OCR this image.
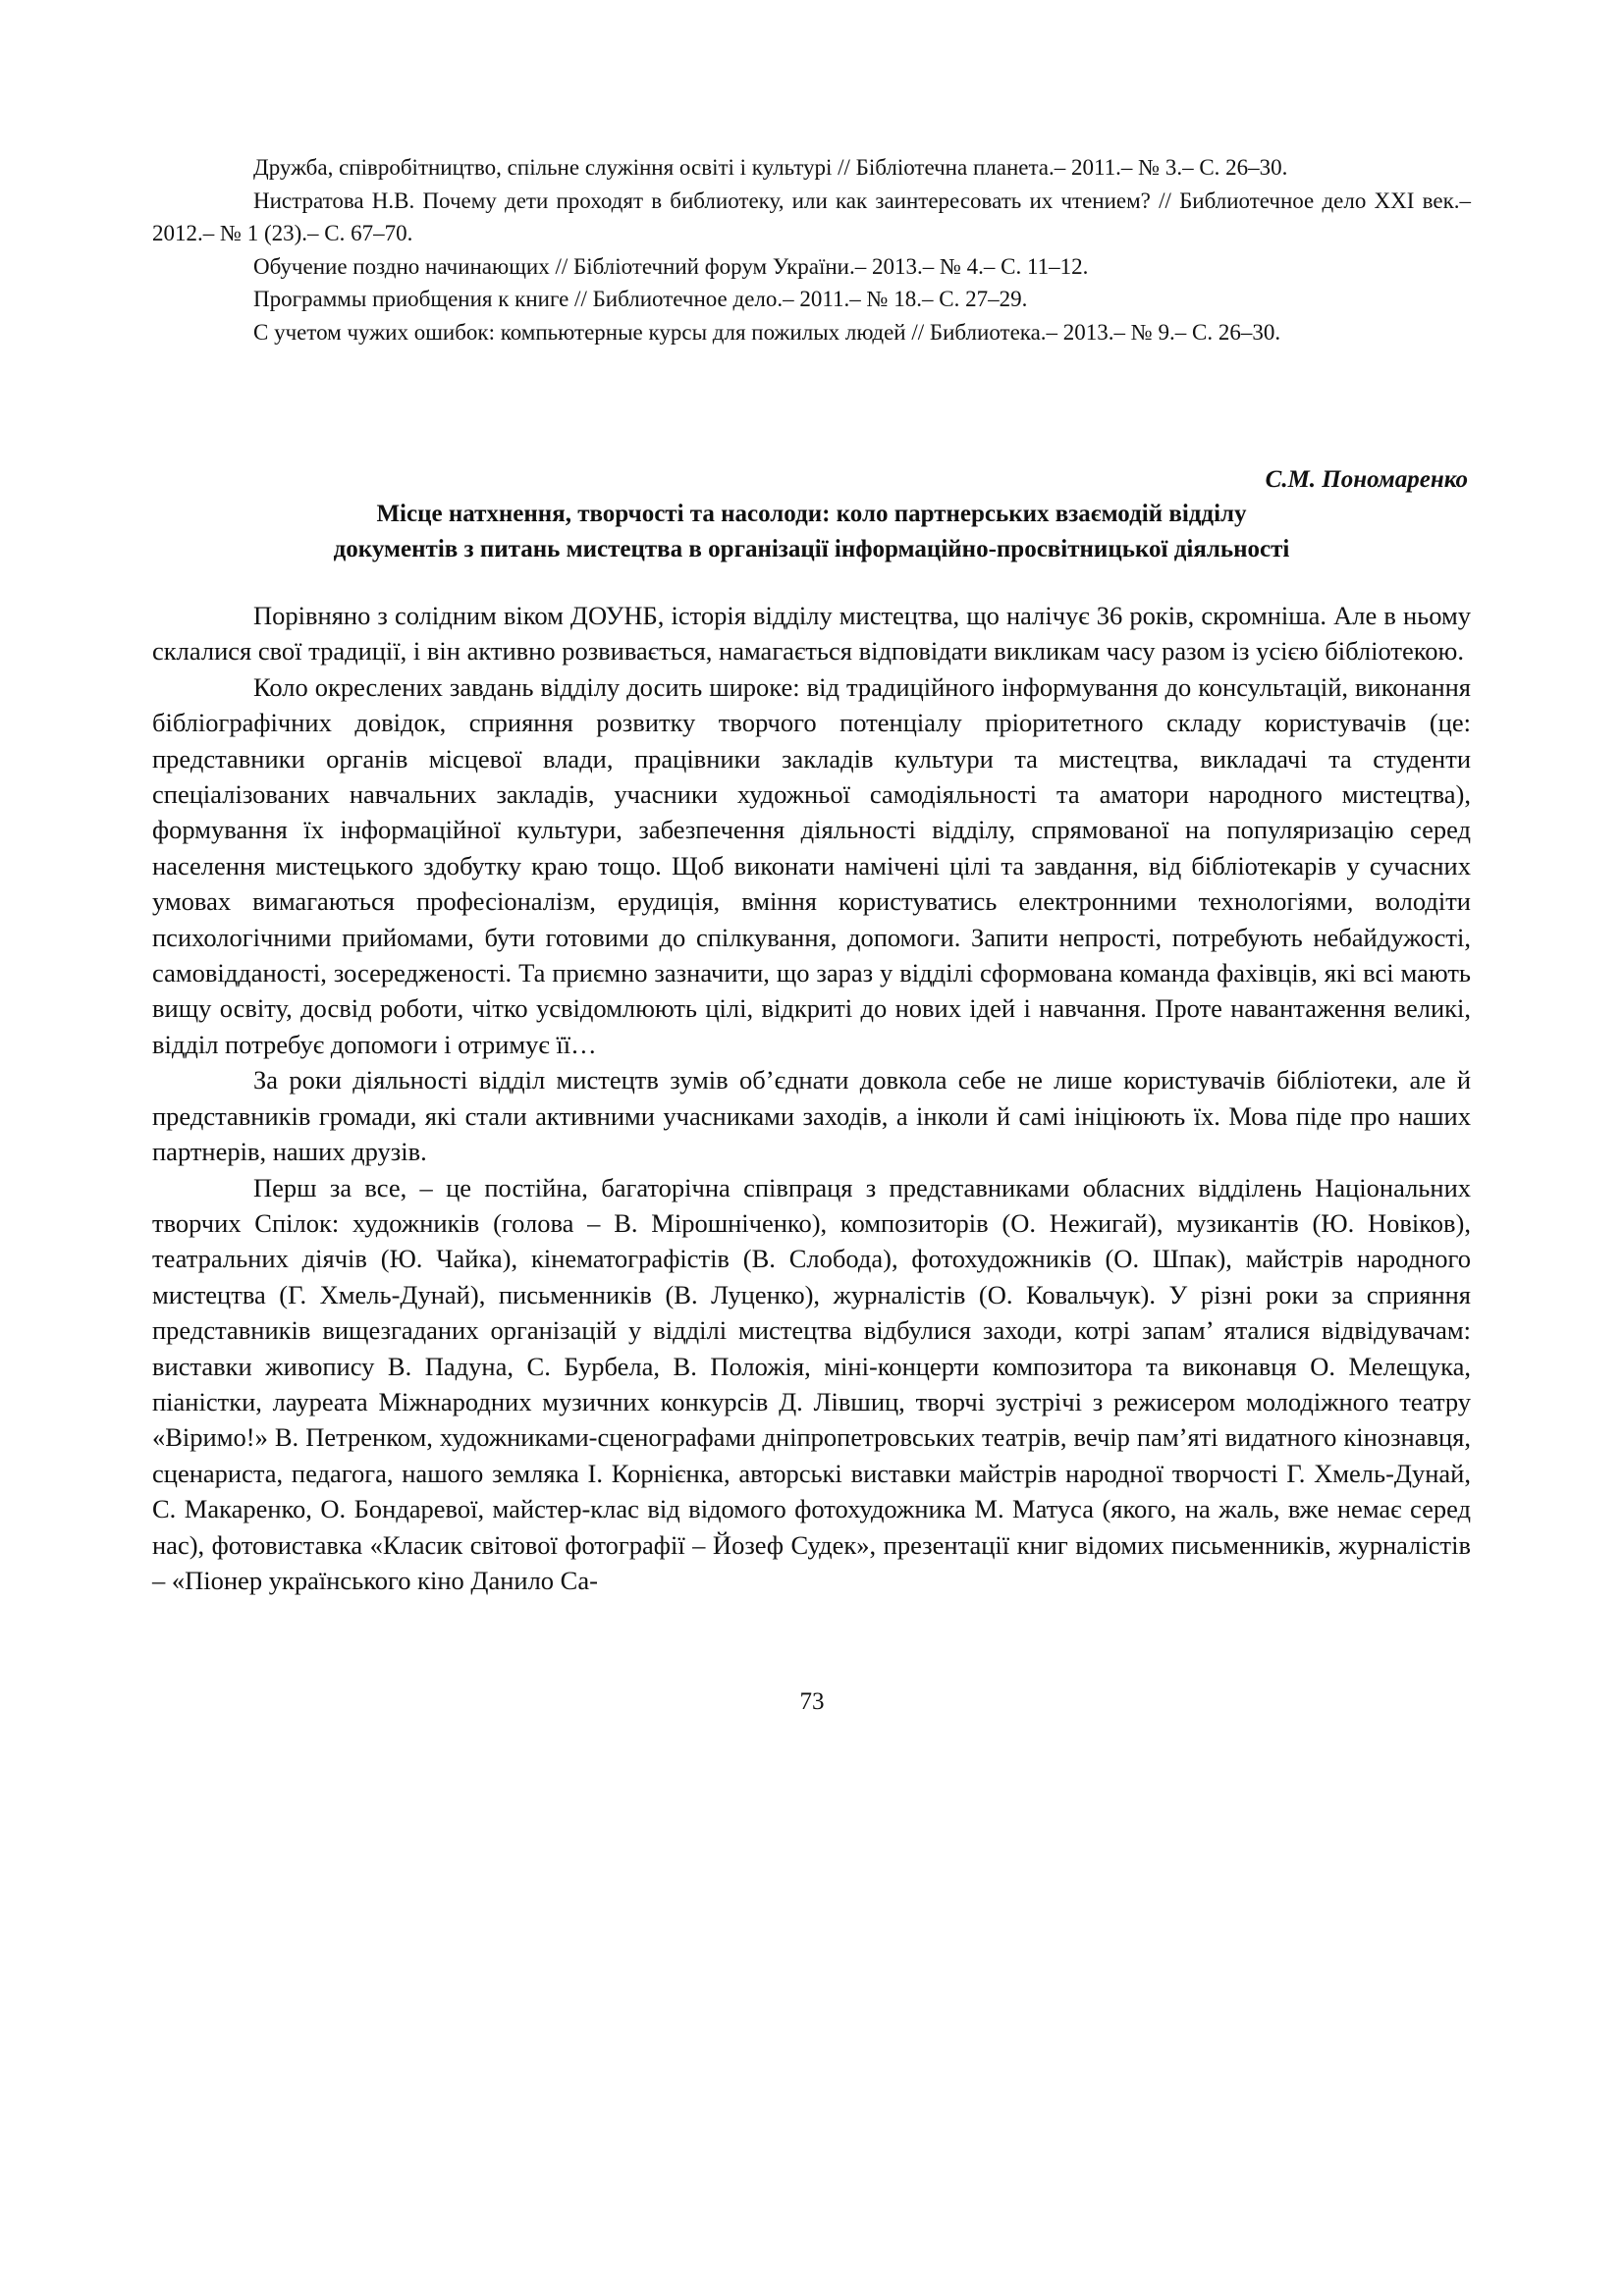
Дружба, співробітництво, спільне служіння освіті і культурі // Бібліотечна планета.– 2011.– № 3.– С. 26–30.

Нистратова Н.В. Почему дети проходят в библиотеку, или как заинтересовать их чтением? // Библиотечное дело XXI век.– 2012.– № 1 (23).– С. 67–70.

Обучение поздно начинающих // Бібліотечний форум України.– 2013.– № 4.– С. 11–12.

Программы приобщения к книге // Библиотечное дело.– 2011.– № 18.– С. 27–29.

С учетом чужих ошибок: компьютерные курсы для пожилых людей // Библиотека.– 2013.– № 9.– С. 26–30.

С.М. Пономаренко
Місце натхнення, творчості та насолоди: коло партнерських взаємодій відділу
документів з питань мистецтва в організації інформаційно-просвітницької діяльності

Порівняно з солідним віком ДОУНБ, історія відділу мистецтва, що налічує 36 років, скромніша. Але в ньому склалися свої традиції, і він активно розвивається, намагається відповідати викликам часу разом із усією бібліотекою.

Коло окреслених завдань відділу досить широке: від традиційного інформування до консультацій, виконання бібліографічних довідок, сприяння розвитку творчого потенціалу пріоритетного складу користувачів (це: представники органів місцевої влади, працівники закладів культури та мистецтва, викладачі та студенти спеціалізованих навчальних закладів, учасники художньої самодіяльності та аматори народного мистецтва), формування їх інформаційної культури, забезпечення діяльності відділу, спрямованої на популяризацію серед населення мистецького здобутку краю тощо. Щоб виконати намічені цілі та завдання, від бібліотекарів у сучасних умовах вимагаються професіоналізм, ерудиція, вміння користуватись електронними технологіями, володіти психологічними прийомами, бути готовими до спілкування, допомоги. Запити непрості, потребують небайдужості, самовідданості, зосередженості. Та приємно зазначити, що зараз у відділі сформована команда фахівців, які всі мають вищу освіту, досвід роботи, чітко усвідомлюють цілі, відкриті до нових ідей і навчання. Проте навантаження великі, відділ потребує допомоги і отримує її…

За роки діяльності відділ мистецтв зумів об’єднати довкола себе не лише користувачів бібліотеки, але й представників громади, які стали активними учасниками заходів, а інколи й самі ініціюють їх. Мова піде про наших партнерів, наших друзів.

Перш за все, – це постійна, багаторічна співпраця з представниками обласних відділень Національних творчих Спілок: художників (голова – В. Мірошніченко), композиторів (О. Нежигай), музикантів (Ю. Новіков), театральних діячів (Ю. Чайка), кінематографістів (В. Слобода), фотохудожників (О. Шпак), майстрів народного мистецтва (Г. Хмель-Дунай), письменників (В. Луценко), журналістів (О. Ковальчук). У різні роки за сприяння представників вищезгаданих організацій у відділі мистецтва відбулися заходи, котрі запам’ яталися відвідувачам: виставки живопису В. Падуна, С. Бурбела, В. Положія, міні-концерти композитора та виконавця О. Мелещука, піаністки, лауреата Міжнародних музичних конкурсів Д. Лівшиц, творчі зустрічі з режисером молодіжного театру «Віримо!» В. Петренком, художниками-сценографами дніпропетровських театрів, вечір пам’яті видатного кінознавця, сценариста, педагога, нашого земляка І. Корнієнка, авторські виставки майстрів народної творчості Г. Хмель-Дунай, С. Макаренко, О. Бондаревої, майстер-клас від відомого фотохудожника М. Матуса (якого, на жаль, вже немає серед нас), фотовиставка «Класик світової фотографії – Йозеф Судек», презентації книг відомих письменників, журналістів – «Піонер українського кіно Данило Са-

73
